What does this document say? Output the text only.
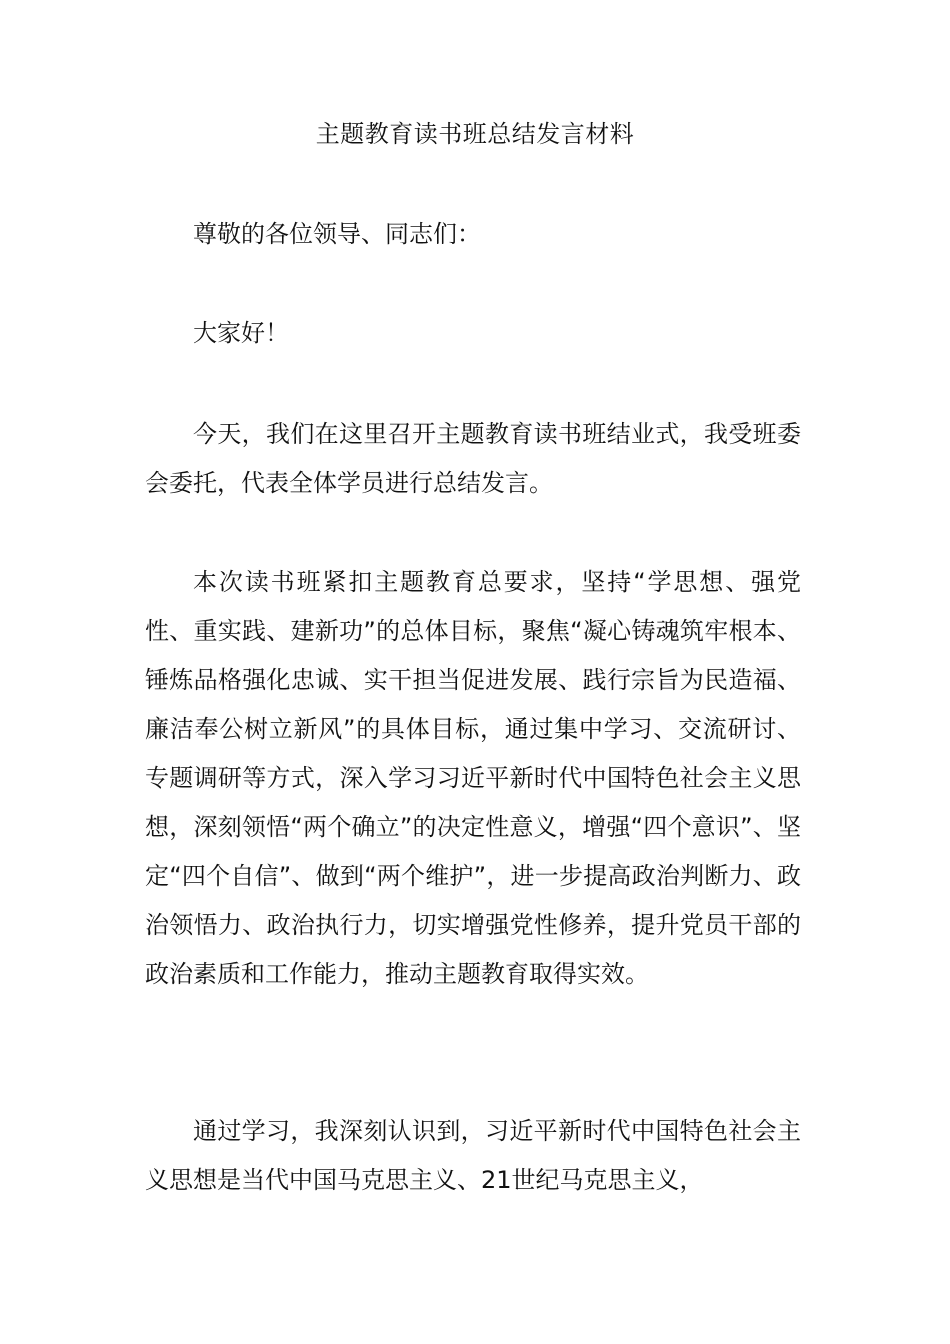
主题教育读书班总结发言材料

尊敬的各位领导、同志们：

大家好！

今天，我们在这里召开主题教育读书班结业式，我受班委会委托，代表全体学员进行总结发言。

本次读书班紧扣主题教育总要求，坚持“学思想、强党性、重实践、建新功”的总体目标，聚焦“凝心铸魂筑牢根本、锤炼品格强化忠诚、实干担当促进发展、践行宗旨为民造福、廉洁奉公树立新风”的具体目标，通过集中学习、交流研讨、专题调研等方式，深入学习习近平新时代中国特色社会主义思想，深刻领悟“两个确立”的决定性意义，增强“四个意识”、坚定“四个自信”、做到“两个维护”，进一步提高政治判断力、政治领悟力、政治执行力，切实增强党性修养，提升党员干部的政治素质和工作能力，推动主题教育取得实效。

通过学习，我深刻认识到，习近平新时代中国特色社会主义思想是当代中国马克思主义、21世纪马克思主义，
